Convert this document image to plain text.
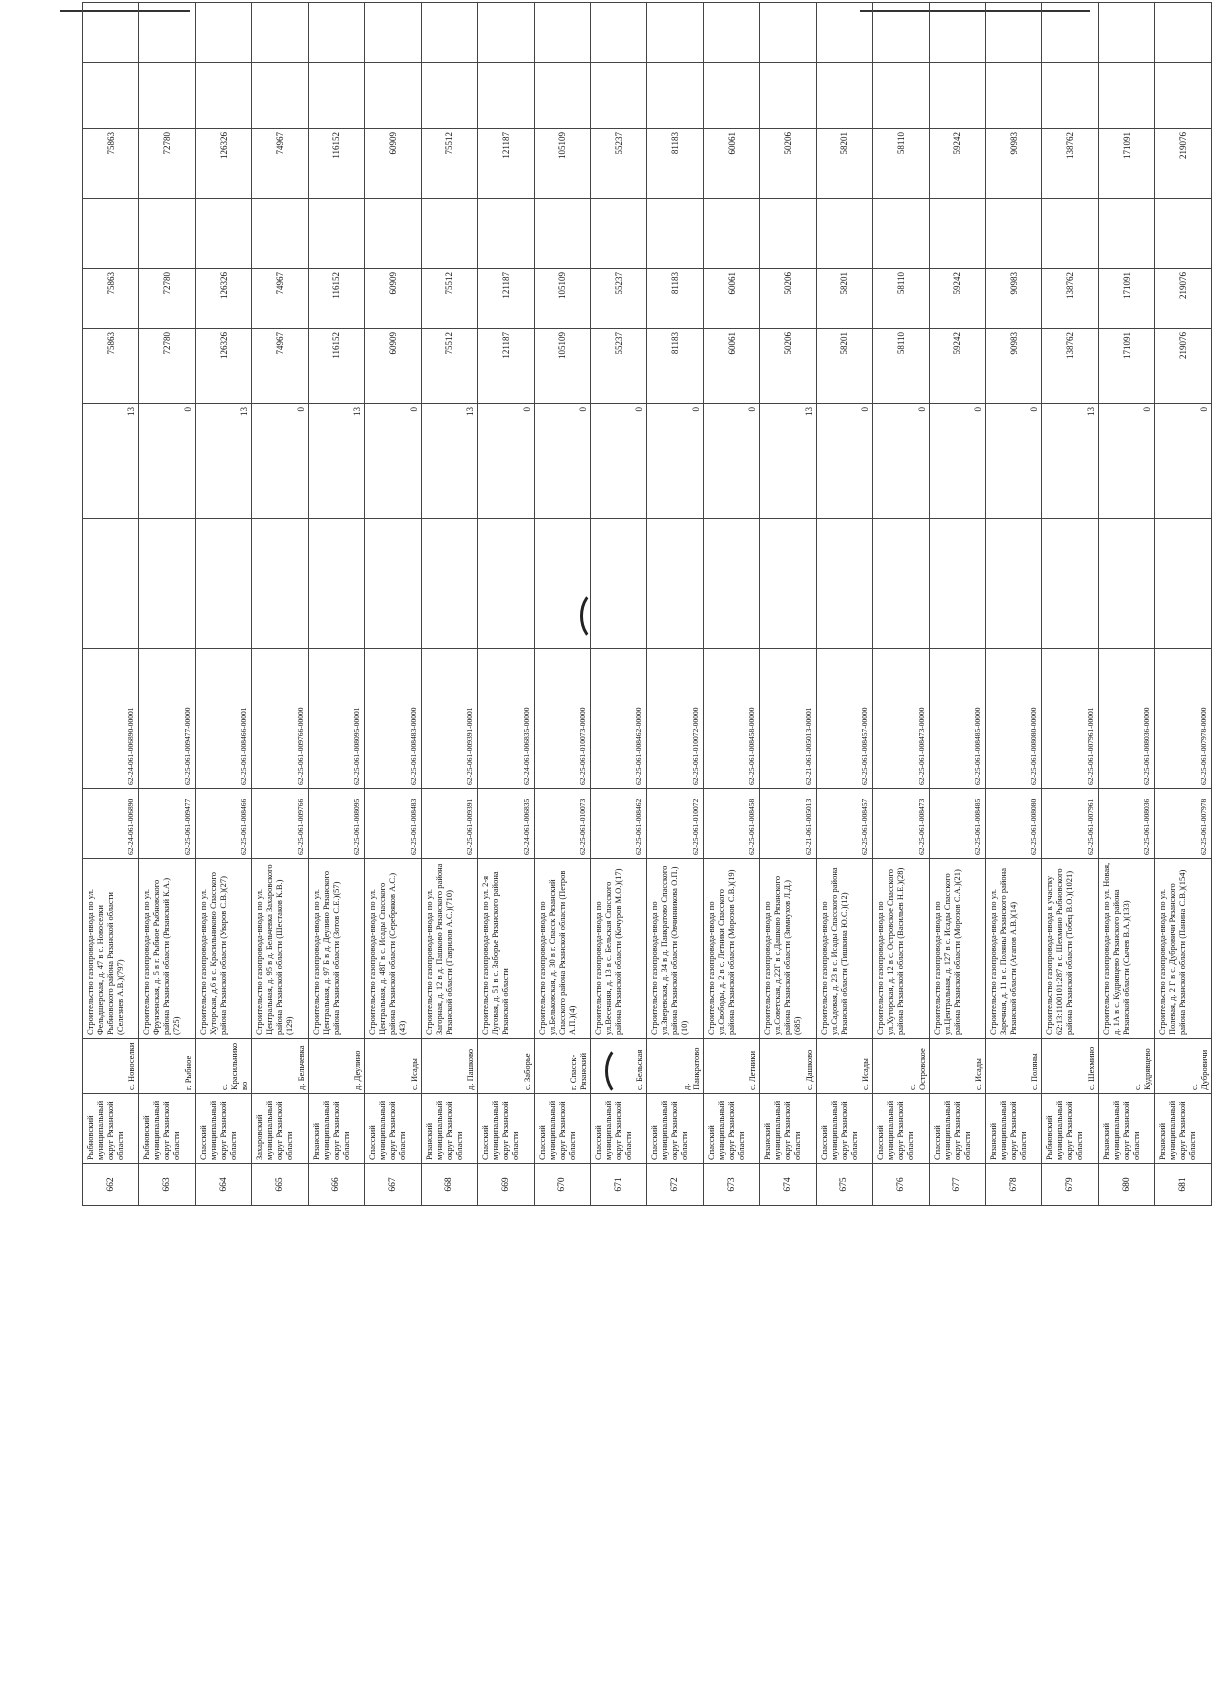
662	Рыбновский муниципальный округ Рязанской области	с. Новоселки	Строительство газопровода-ввода по ул. Фельдшерская, д. 47 в с. Новоселки Рыбновского района Рязанской области (Селезнев А.В.)(797)	62-24-061-006890	62-24-061-006890-00001		13	75863	75863		75863		
663	Рыбновский муниципальный округ Рязанской области	г. Рыбное	Строительство газопровода-ввода по ул. Фрунзенская, д. 5 в г. Рыбное Рыбновского района Рязанской области (Рязанский К.А.)(725)	62-25-061-009477	62-25-061-009477-00000		0	72780	72780		72780		
664	Спасский муниципальный округ Рязанской области	с. Красильниково	Строительство газопровода-ввода по ул. Хуторская, д.6 в с. Красильниково Спасского района Рязанской области (Уваров С.В.)(27)	62-25-061-008466	62-25-061-008466-00001		13	126326	126326		126326		
665	Захаровский муниципальный округ Рязанской области	д. Бельчевка	Строительство газопровода-ввода по ул. Центральная, д. 95 в д. Бельчевка Захаровского района Рязанской области (Шестаков К.В.)(129)	62-25-061-009766	62-25-061-009766-00000		0	74967	74967		74967		
666	Рязанский муниципальный округ Рязанской области	д. Деулино	Строительство газопровода-ввода по ул. Центральная, д. 97 Б в д. Деулино Рязанского района Рязанской области (Зотов С.Е.)(57)	62-25-061-008095	62-25-061-008095-00001		13	116152	116152		116152		
667	Спасский муниципальный округ Рязанской области	с. Исады	Строительство газопровода-ввода по ул. Центральная, д. 48Г в с. Исады Спасского района Рязанской области (Серебряков А.С.)(43)	62-25-061-008483	62-25-061-008483-00000		0	60909	60909		60909		
668	Рязанский муниципальный округ Рязанской области	д. Пашково	Строительство газопровода-ввода по ул. Загорная, д. 12 в д. Пашково Рязанского района Рязанской области (Гаврилов А.С.)(710)	62-25-061-009391	62-25-061-009391-00001		13	75512	75512		75512		
669	Спасский муниципальный округ Рязанской области	с. Заборье	Строительство газопровода-ввода по ул. 2-я Луговая, д. 51 в с. Заборье Рязанского района Рязанской области	62-24-061-006835	62-24-061-006835-00000		0	121187	121187		121187		
670	Спасский муниципальный округ Рязанской области	г. Спасск-Рязанский	Строительство газопровода-ввода по ул.Бельковская, д. 30 в г. Спасск Рязанский Спасского района Рязанской области (Петров А.П.)(4)	62-25-061-010073	62-25-061-010073-00000		0	105109	105109		105109		
671	Спасский муниципальный округ Рязанской области	с. Бельская	Строительство газопровода-ввода по ул.Весенняя, д. 13 в с. Бельская Спасского района Рязанской области (Кочуров М.О.)(17)	62-25-061-008462	62-25-061-008462-00000		0	55237	55237		55237		
672	Спасский муниципальный округ Рязанской области	д. Панкратово	Строительство газопровода-ввода по ул.Зверевская, д. 34 в д. Панкратово Спасского района Рязанской области (Овчинникова О.П.)(10)	62-25-061-010072	62-25-061-010072-00000		0	81183	81183		81183		
673	Спасский муниципальный округ Рязанской области	с. Летники	Строительство газопровода-ввода по ул.Свободы, д. 2 в с. Летники Спасского района Рязанской области (Морозов С.В.)(19)	62-25-061-008458	62-25-061-008458-00000		0	60061	60061		60061		
674	Рязанский муниципальный округ Рязанской области	с. Дашково	Строительство газопровода-ввода по ул.Советская, д.22Г в с.Дашково Рязанского района Рязанской области (Зимнухов Л.Д.)(685)	62-21-061-005013	62-21-061-005013-00001		13	50206	50206		50206		
675	Спасский муниципальный округ Рязанской области	с. Исады	Строительство газопровода-ввода по ул.Садовая, д. 23 в с. Исады Спасского района Рязанской области (Тишкина Ю.С.)(12)	62-25-061-008457	62-25-061-008457-00000		0	58201	58201		58201		
676	Спасский муниципальный округ Рязанской области	с. Островское	Строительство газопровода-ввода по ул.Хуторская, д. 12 в с. Островское Спасского района Рязанской области (Васильев Н.Е.)(28)	62-25-061-008473	62-25-061-008473-00000		0	58110	58110		58110		
677	Спасский муниципальный округ Рязанской области	с. Исады	Строительство газопровода-ввода по ул.Центральная, д. 127 в с. Исады Спасского района Рязанской области (Морозов С.А.)(21)	62-25-061-008485	62-25-061-008485-00000		0	59242	59242		59242		
678	Рязанский муниципальный округ Рязанской области	с. Поляны	Строительство газопровода-ввода по ул. Заречная, д. 11 в с. Поляны Рязанского района Рязанской области (Агапов А.В.)(14)	62-25-061-008080	62-25-061-008080-00000		0	90983	90983		90983		
679	Рыбновский муниципальный округ Рязанской области	с. Шехмино	Строительство газопровода-ввода к участку 62:13:1100101:287 в с. Шехмино Рыбновского района Рязанской области (Тобец В.О.)(1021)	62-25-061-007961	62-25-061-007961-00001		13	138762	138762		138762		
680	Рязанский муниципальный округ Рязанской области	с. Кудрявцево	Строительство газопровода-ввода по ул. Новая, д. 1А в с. Кудрявцево Рязанского района Рязанской области (Сычев В.А.)(133)	62-25-061-008036	62-25-061-008036-00000		0	171091	171091		171091		
681	Рязанский муниципальный округ Рязанской области	с. Дубровичи	Строительство газопровода-ввода по ул. Полевая, д. 2 Г в с. Дубровичи Рязанского района Рязанской области (Панина С.В.)(154)	62-25-061-007978	62-25-061-007978-00000		0	219076	219076		219076		
